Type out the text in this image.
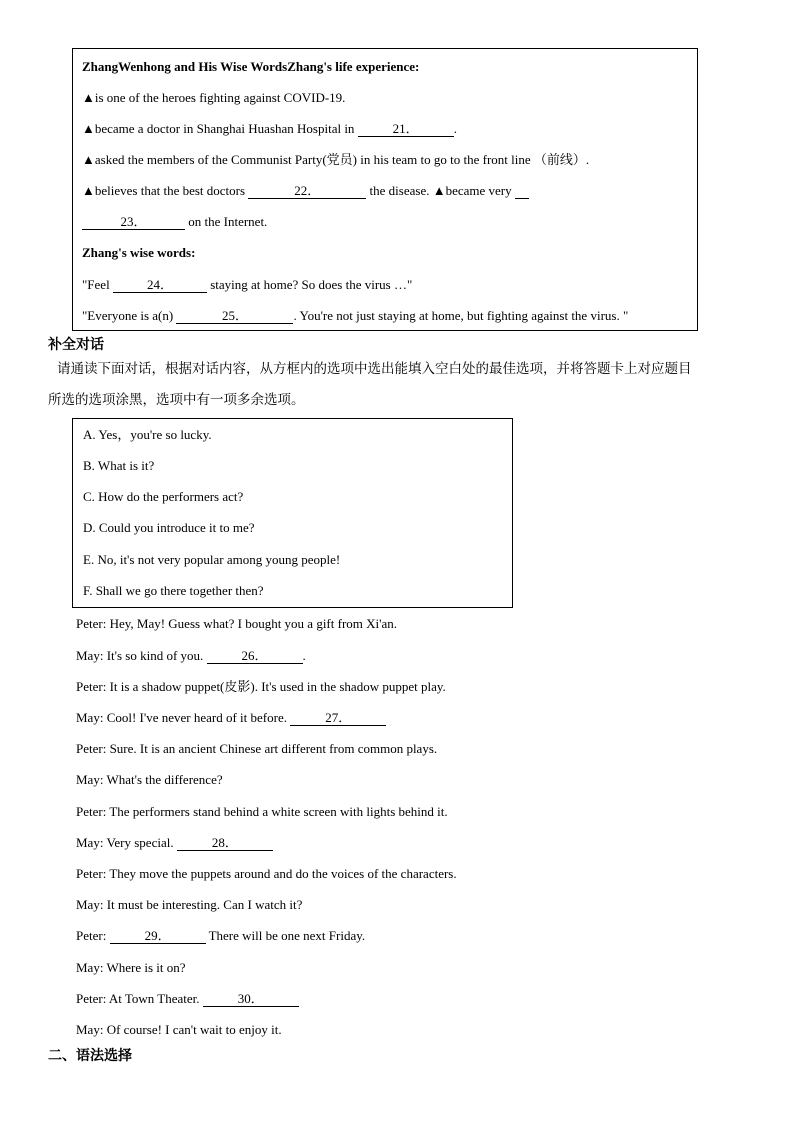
ZhangWenhong and His Wise WordsZhang's life experience:
▲is one of the heroes fighting against COVID-19.
▲became a doctor in Shanghai Huashan Hospital in	21．	.
▲asked the members of the Communist Party(党员) in his team to go to the front line （前线）.
▲believes that the best doctors	22．	the disease. ▲became very
23．	on the Internet.
Zhang's wise words:
"Feel	24．	staying at home? So does the virus …"
"Everyone is a(n)	25．	. You're not just staying at home, but fighting against the virus. "
补全对话
请通读下面对话，根据对话内容，从方框内的选项中选出能填入空白处的最佳选项，并将答题卡上对应题目
所选的选项涂黑，选项中有一项多余选项。
A. Yes，you're so lucky.
B. What is it?
C. How do the performers act?
D. Could you introduce it to me?
E. No, it's not very popular among young people!
F. Shall we go there together then?
Peter: Hey, May! Guess what? I bought you a gift from Xi'an.
May: It's so kind of you.	26．	.
Peter: It is a shadow puppet(皮影). It's used in the shadow puppet play.
May: Cool! I've never heard of it before.	27．
Peter: Sure. It is an ancient Chinese art different from common plays.
May: What's the difference?
Peter: The performers stand behind a white screen with lights behind it.
May: Very special.	28．
Peter: They move the puppets around and do the voices of the characters.
May: It must be interesting. Can I watch it?
Peter:	29．	There will be one next Friday.
May: Where is it on?
Peter: At Town Theater.	30．
May: Of course! I can't wait to enjoy it.
二、语法选择
